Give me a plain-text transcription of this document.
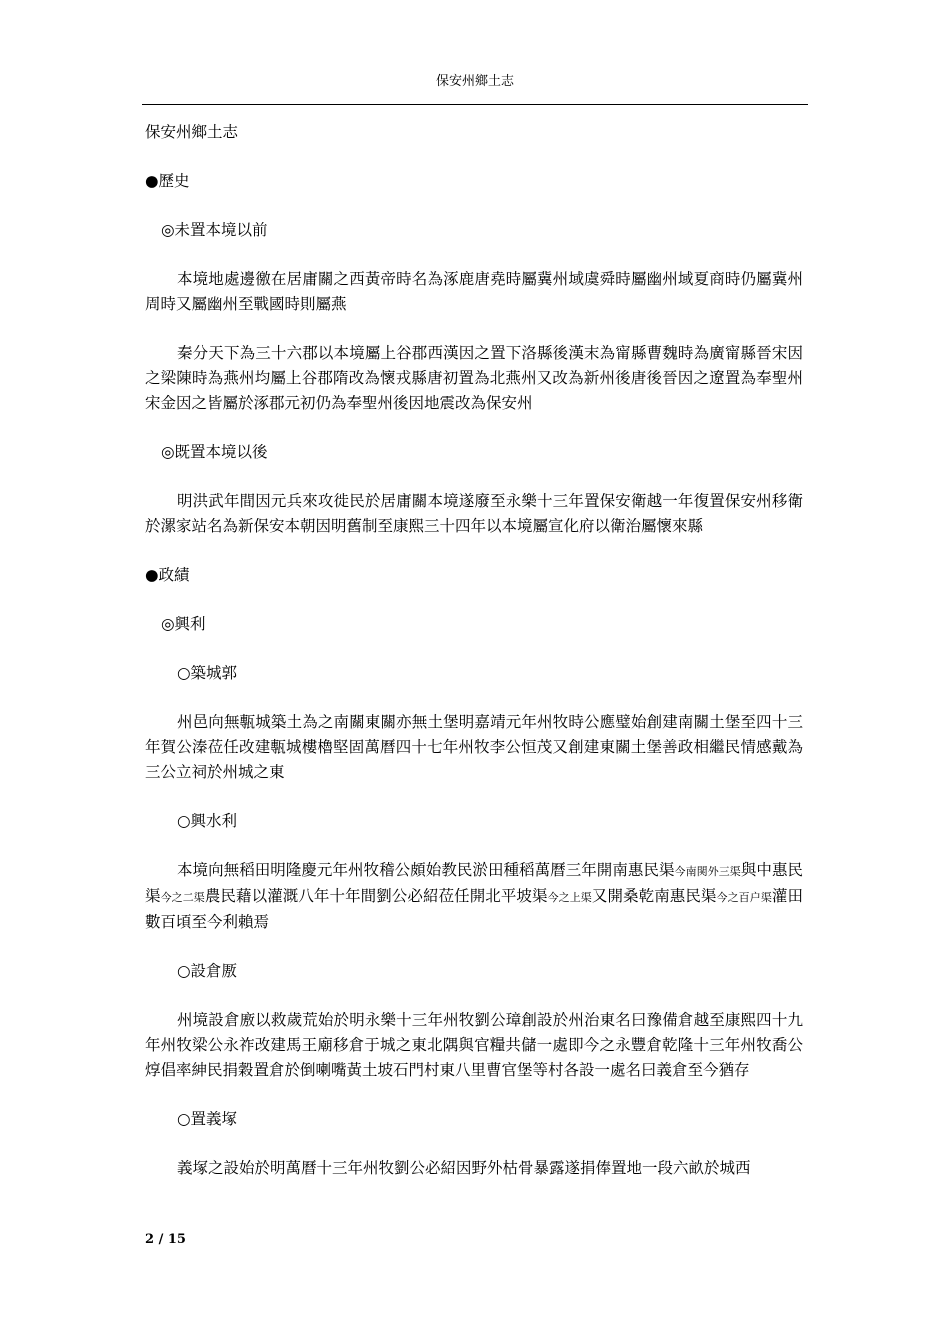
保安州鄉土志

保安州鄉土志

●歷史

◎未置本境以前

本境地處邊徼在居庸關之西黃帝時名為涿鹿唐堯時屬冀州域虞舜時屬幽州域夏商時仍屬冀州周時又屬幽州至戰國時則屬燕

秦分天下為三十六郡以本境屬上谷郡西漢因之置下洛縣後漢末為甯縣曹魏時為廣甯縣晉宋因之梁陳時為燕州均屬上谷郡隋改為懷戎縣唐初置為北燕州又改為新州後唐後晉因之遼置為奉聖州宋金因之皆屬於涿郡元初仍為奉聖州後因地震改為保安州

◎既置本境以後

明洪武年間因元兵來攻徙民於居庸關本境遂廢至永樂十三年置保安衛越一年復置保安州移衛於漯家站名為新保安本朝因明舊制至康熙三十四年以本境屬宣化府以衛治屬懷來縣

●政績

◎興利

○築城郭

州邑向無甎城築土為之南關東關亦無土堡明嘉靖元年州牧時公應璧始創建南關土堡至四十三年賀公溱莅任改建甎城樓櫓堅固萬曆四十七年州牧李公恒茂又創建東關土堡善政相繼民情感戴為三公立祠於州城之東

○興水利

本境向無稻田明隆慶元年州牧稽公頗始教民淤田種稻萬曆三年開南惠民渠今南関外三渠與中惠民渠今之二渠農民藉以灌溉八年十年間劉公必紹莅任開北平坡渠今之上渠又開桑乾南惠民渠今之百户渠灌田數百頃至今利賴焉

○設倉厫

州境設倉廒以救歲荒始於明永樂十三年州牧劉公璋創設於州治東名曰豫備倉越至康熙四十九年州牧梁公永祚改建馬王廟移倉于城之東北隅與官糧共儲一處即今之永豐倉乾隆十三年州牧喬公焞倡率紳民捐穀置倉於倒喇嘴黃土坡石門村東八里曹官堡等村各設一處名曰義倉至今猶存

○置義塚

義塚之設始於明萬曆十三年州牧劉公必紹因野外枯骨暴露遂捐俸置地一段六畝於城西

2 / 15
